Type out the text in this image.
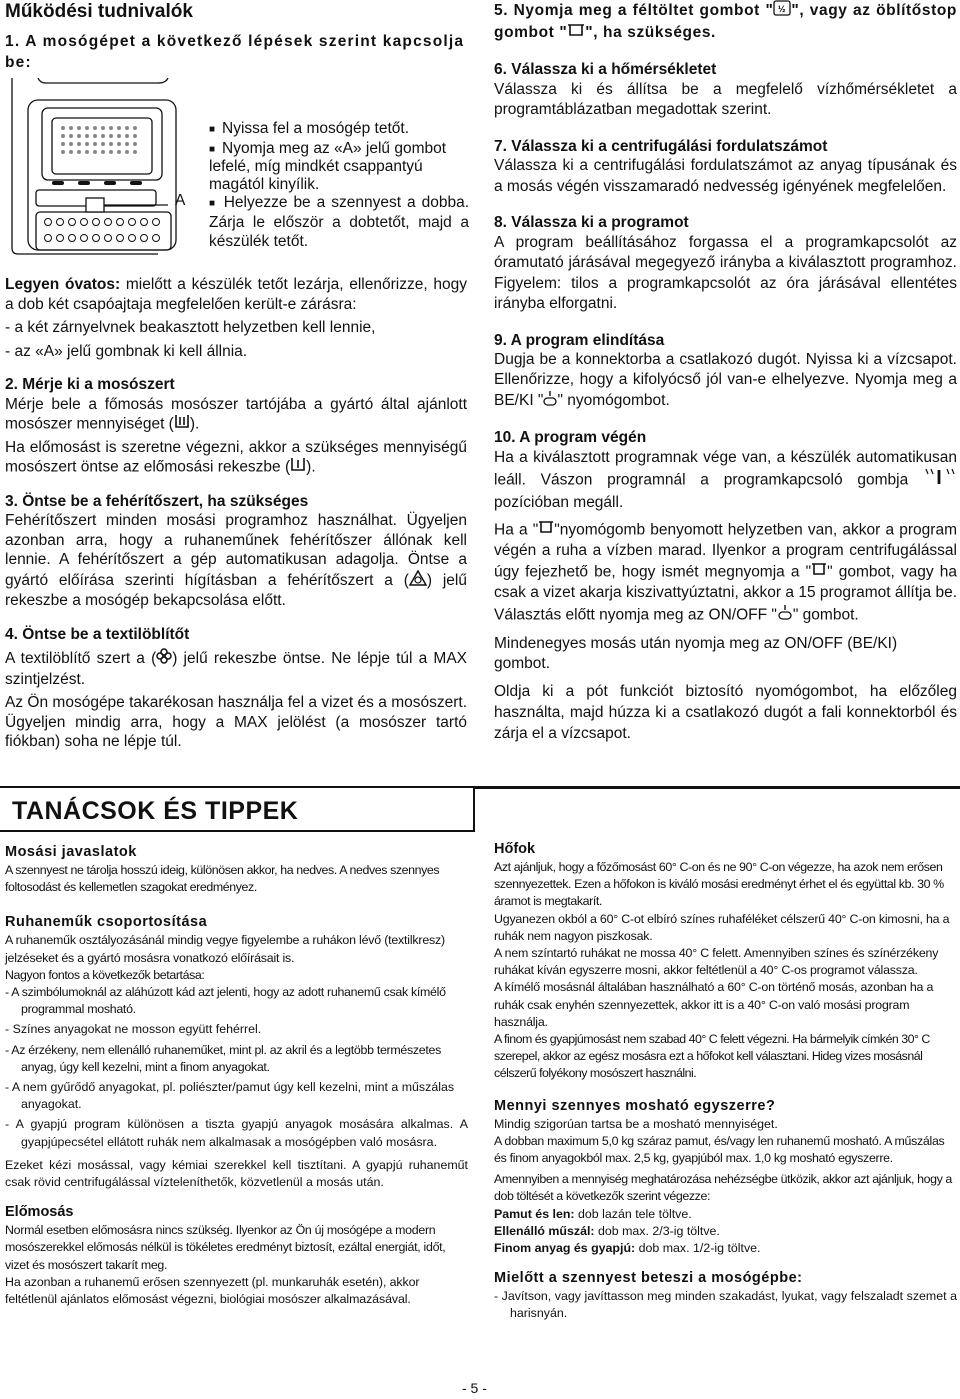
Működési tudnivalók
1. A mosógépet a következő lépések szerint kapcsolja be:
A
■ Nyissa fel a mosógép tetőt.
■ Nyomja meg az «A» jelű gombot lefelé, míg mindkét csappantyú magától kinyílik.
■ Helyezze be a szennyest a dobba. Zárja le először a dobtetőt, majd a készülék tetőt.

Legyen óvatos: mielőtt a készülék tetőt lezárja, ellenőrizze, hogy a dob két csapóajtaja megfelelően került-e zárásra:

- a két zárnyelvnek beakasztott helyzetben kell lennie,

- az «A» jelű gombnak ki kell állnia.

2. Mérje ki a mosószert

Mérje bele a főmosás mosószer tartójába a gyártó által ajánlott mosószer mennyiséget ( ).

Ha előmosást is szeretne végezni, akkor a szükséges mennyiségű mosószert öntse az előmosási rekeszbe ( ).

3. Öntse be a fehérítőszert, ha szükséges

Fehérítőszert minden mosási programhoz használhat. Ügyeljen azonban arra, hogy a ruhaneműnek fehérítőszer állónak kell lennie. A fehérítőszert a gép automatikusan adagolja. Öntse a gyártó előírása szerinti hígításban a fehérítőszert a ( ) jelű rekeszbe a mosógép bekapcsolása előtt.

4. Öntse be a textilöblítőt

A textilöblítő szert a ( ) jelű rekeszbe öntse. Ne lépje túl a MAX szintjelzést.

Az Ön mosógépe takarékosan használja fel a vizet és a mosószert. Ügyeljen mindig arra, hogy a MAX jelölést (a mosószer tartó fiókban) soha ne lépje túl.

5. Nyomja meg a féltöltet gombot " ½ ", vagy az öblítőstop gombot " ", ha szükséges.
6. Válassza ki a hőmérsékletet

Válassza ki és állítsa be a megfelelő vízhőmérsékletet a programtáblázatban megadottak szerint.

7. Válassza ki a centrifugálási fordulatszámot

Válassza ki a centrifugálási fordulatszámot az anyag típusának és a mosás végén visszamaradó nedvesség igényének megfelelően.

8. Válassza ki a programot

A program beállításához forgassa el a programkapcsolót az óramutató járásával megegyező irányba a kiválasztott programhoz. Figyelem: tilos a programkapcsolót az óra járásával ellentétes irányba elforgatni.

9. A program elindítása

Dugja be a konnektorba a csatlakozó dugót. Nyissa ki a vízcsapot. Ellenőrizze, hogy a kifolyócső jól van-e elhelyezve. Nyomja meg a BE/KI " " nyomógombot.

10. A program végén

Ha a kiválasztott programnak vége van, a készülék automatikusan leáll. Vászon programnál a programkapcsoló gombja  pozícióban megáll.

Ha a " "nyomógomb benyomott helyzetben van, akkor a program végén a ruha a vízben marad. Ilyenkor a program centrifugálással úgy fejezhető be, hogy ismét megnyomja a " " gombot, vagy ha csak a vizet akarja kiszivattyúztatni, akkor a 15 programot állítja be. Választás előtt nyomja meg az ON/OFF " " gombot.

Mindenegyes mosás után nyomja meg az ON/OFF (BE/KI) gombot.

Oldja ki a pót funkciót biztosító nyomógombot, ha előzőleg használta, majd húzza ki a csatlakozó dugót a fali konnektorból és zárja el a vízcsapot.

TANÁCSOK ÉS TIPPEK
Mosási javaslatok

A szennyest ne tárolja hosszú ideig, különösen akkor, ha nedves. A nedves szennyes foltosodást és kellemetlen szagokat eredményez.

Ruhaneműk csoportosítása

A ruhaneműk osztályozásánál mindig vegye figyelembe a ruhákon lévő (textilkresz) jelzéseket és a gyártó mosásra vonatkozó előírásait is.

Nagyon fontos a következők betartása:

- A szimbólumoknál az aláhúzott kád azt jelenti, hogy az adott ruhanemű csak kímélő programmal mosható.

- Színes anyagokat ne mosson együtt fehérrel.

- Az érzékeny, nem ellenálló ruhaneműket, mint pl. az akril és a legtöbb természetes anyag, úgy kell kezelni, mint a finom anyagokat.

- A nem gyűrődő anyagokat, pl. poliészter/pamut úgy kell kezelni, mint a műszálas anyagokat.

- A gyapjú program különösen a tiszta gyapjú anyagok mosására alkalmas. A gyapjúpecsétel ellátott ruhák nem alkalmasak a mosógépben való mosásra.

Ezeket kézi mosással, vagy kémiai szerekkel kell tisztítani. A gyapjú ruhaneműt csak rövid centrifugálással vízteleníthetők, közvetlenül a mosás után.

Előmosás

Normál esetben előmosásra nincs szükség. Ilyenkor az Ön új mosógépe a modern mosószerekkel előmosás nélkül is tökéletes eredményt biztosít, ezáltal energiát, időt, vizet és mosószert takarít meg.

Ha azonban a ruhanemű erősen szennyezett (pl. munkaruhák esetén), akkor feltétlenül ajánlatos előmosást végezni, biológiai mosószer alkalmazásával.

Hőfok

Azt ajánljuk, hogy a főzőmosást 60° C-on és ne 90° C-on végezze, ha azok nem erősen szennyezettek. Ezen a hőfokon is kiváló mosási eredményt érhet el és együttal kb. 30 % áramot is megtakarít.

Ugyanezen okból a 60° C-ot elbíró színes ruhaféléket célszerű 40° C-on kimosni, ha a ruhák nem nagyon piszkosak.

A nem színtartó ruhákat ne mossa 40° C felett. Amennyiben színes és színérzékeny ruhákat kíván egyszerre mosni, akkor feltétlenül a 40° C-os programot válassza.

A kímélő mosásnál általában használható a 60° C-on történő mosás, azonban ha a ruhák csak enyhén szennyezettek, akkor itt is a 40° C-on való mosási program használja.

A finom és gyapjúmosást nem szabad 40° C felett végezni. Ha bármelyik címkén 30° C szerepel, akkor az egész mosásra ezt a hőfokot kell választani. Hideg vizes mosásnál célszerű folyékony mosószert használni.

Mennyi szennyes mosható egyszerre?

Mindig szigorúan tartsa be a mosható mennyiséget.

A dobban maximum 5,0 kg száraz pamut, és/vagy len ruhanemű mosható. A műszálas és finom anyagokból max. 2,5 kg, gyapjúból max. 1,0 kg mosható egyszerre.

Amennyiben a mennyiség meghatározása nehézségbe ütközik, akkor azt ajánljuk, hogy a dob töltését a következők szerint végezze:

Pamut és len: dob lazán tele töltve.

Ellenálló műszál: dob max. 2/3-ig töltve.

Finom anyag és gyapjú: dob max. 1/2-ig töltve.

Mielőtt a szennyest beteszi a mosógépbe:

- Javítson, vagy javíttasson meg minden szakadást, lyukat, vagy felszaladt szemet a harisnyán.

- 5 -
